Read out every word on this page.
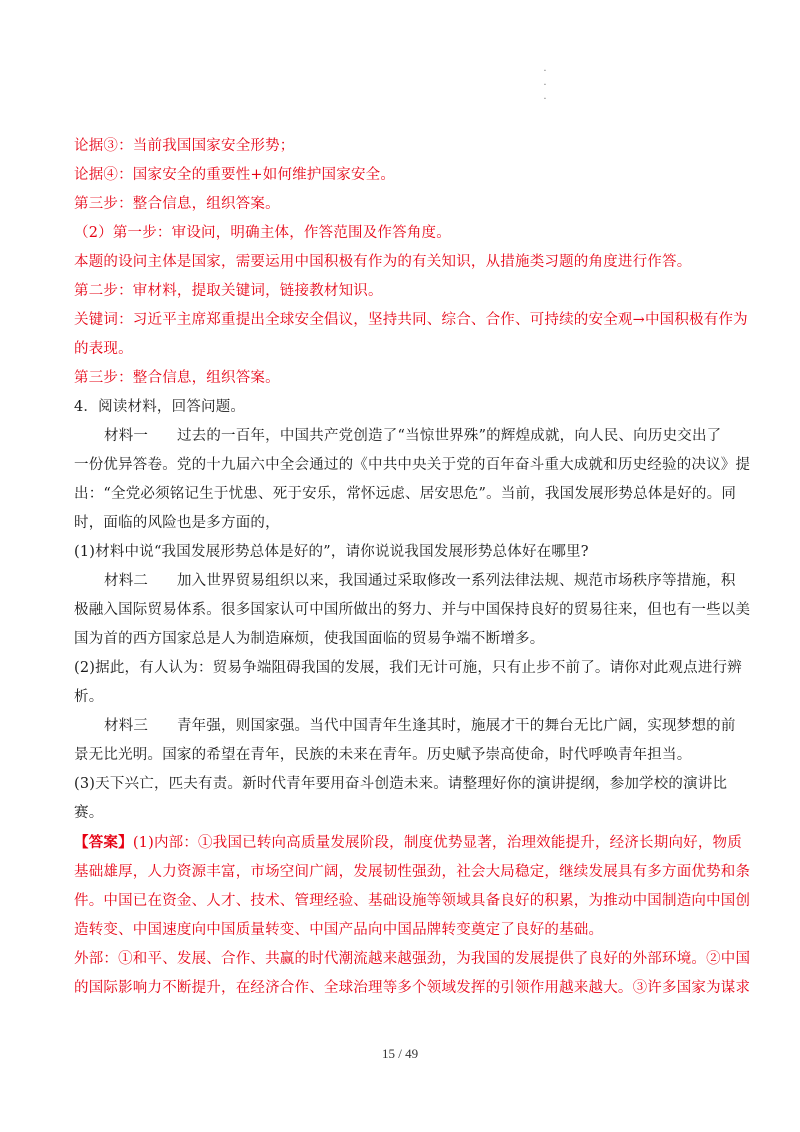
.
.
.
论据③：当前我国国家安全形势；
论据④：国家安全的重要性+如何维护国家安全。
第三步：整合信息，组织答案。
（2）第一步：审设问，明确主体，作答范围及作答角度。
本题的设问主体是国家，需要运用中国积极有作为的有关知识，从措施类习题的角度进行作答。
第二步：审材料，提取关键词，链接教材知识。
关键词：习近平主席郑重提出全球安全倡议，坚持共同、综合、合作、可持续的安全观→中国积极有作为
的表现。
第三步：整合信息，组织答案。
4．阅读材料，回答问题。
材料一      过去的一百年，中国共产党创造了“当惊世界殊”的辉煌成就，向人民、向历史交出了
一份优异答卷。党的十九届六中全会通过的《中共中央关于党的百年奋斗重大成就和历史经验的决议》提
出：“全党必须铭记生于忧患、死于安乐，常怀远虑、居安思危”。当前，我国发展形势总体是好的。同
时，面临的风险也是多方面的，
(1)材料中说“我国发展形势总体是好的”，请你说说我国发展形势总体好在哪里?
材料二      加入世界贸易组织以来，我国通过采取修改一系列法律法规、规范市场秩序等措施，积
极融入国际贸易体系。很多国家认可中国所做出的努力、并与中国保持良好的贸易往来，但也有一些以美
国为首的西方国家总是人为制造麻烦，使我国面临的贸易争端不断增多。
(2)据此，有人认为：贸易争端阻碍我国的发展，我们无计可施，只有止步不前了。请你对此观点进行辨
析。
材料三      青年强，则国家强。当代中国青年生逢其时，施展才干的舞台无比广阔，实现梦想的前
景无比光明。国家的希望在青年，民族的未来在青年。历史赋予崇高使命，时代呼唤青年担当。
(3)天下兴亡，匹夫有责。新时代青年要用奋斗创造未来。请整理好你的演讲提纲，参加学校的演讲比
赛。
【答案】(1)内部：①我国已转向高质量发展阶段，制度优势显著，治理效能提升，经济长期向好，物质
基础雄厚，人力资源丰富，市场空间广阔，发展韧性强劲，社会大局稳定，继续发展具有多方面优势和条
件。中国已在资金、人才、技术、管理经验、基础设施等领域具备良好的积累，为推动中国制造向中国创
造转变、中国速度向中国质量转变、中国产品向中国品牌转变奠定了良好的基础。
外部：①和平、发展、合作、共赢的时代潮流越来越强劲，为我国的发展提供了良好的外部环境。②中国
的国际影响力不断提升，在经济合作、全球治理等多个领域发挥的引领作用越来越大。③许多国家为谋求
15 / 49
